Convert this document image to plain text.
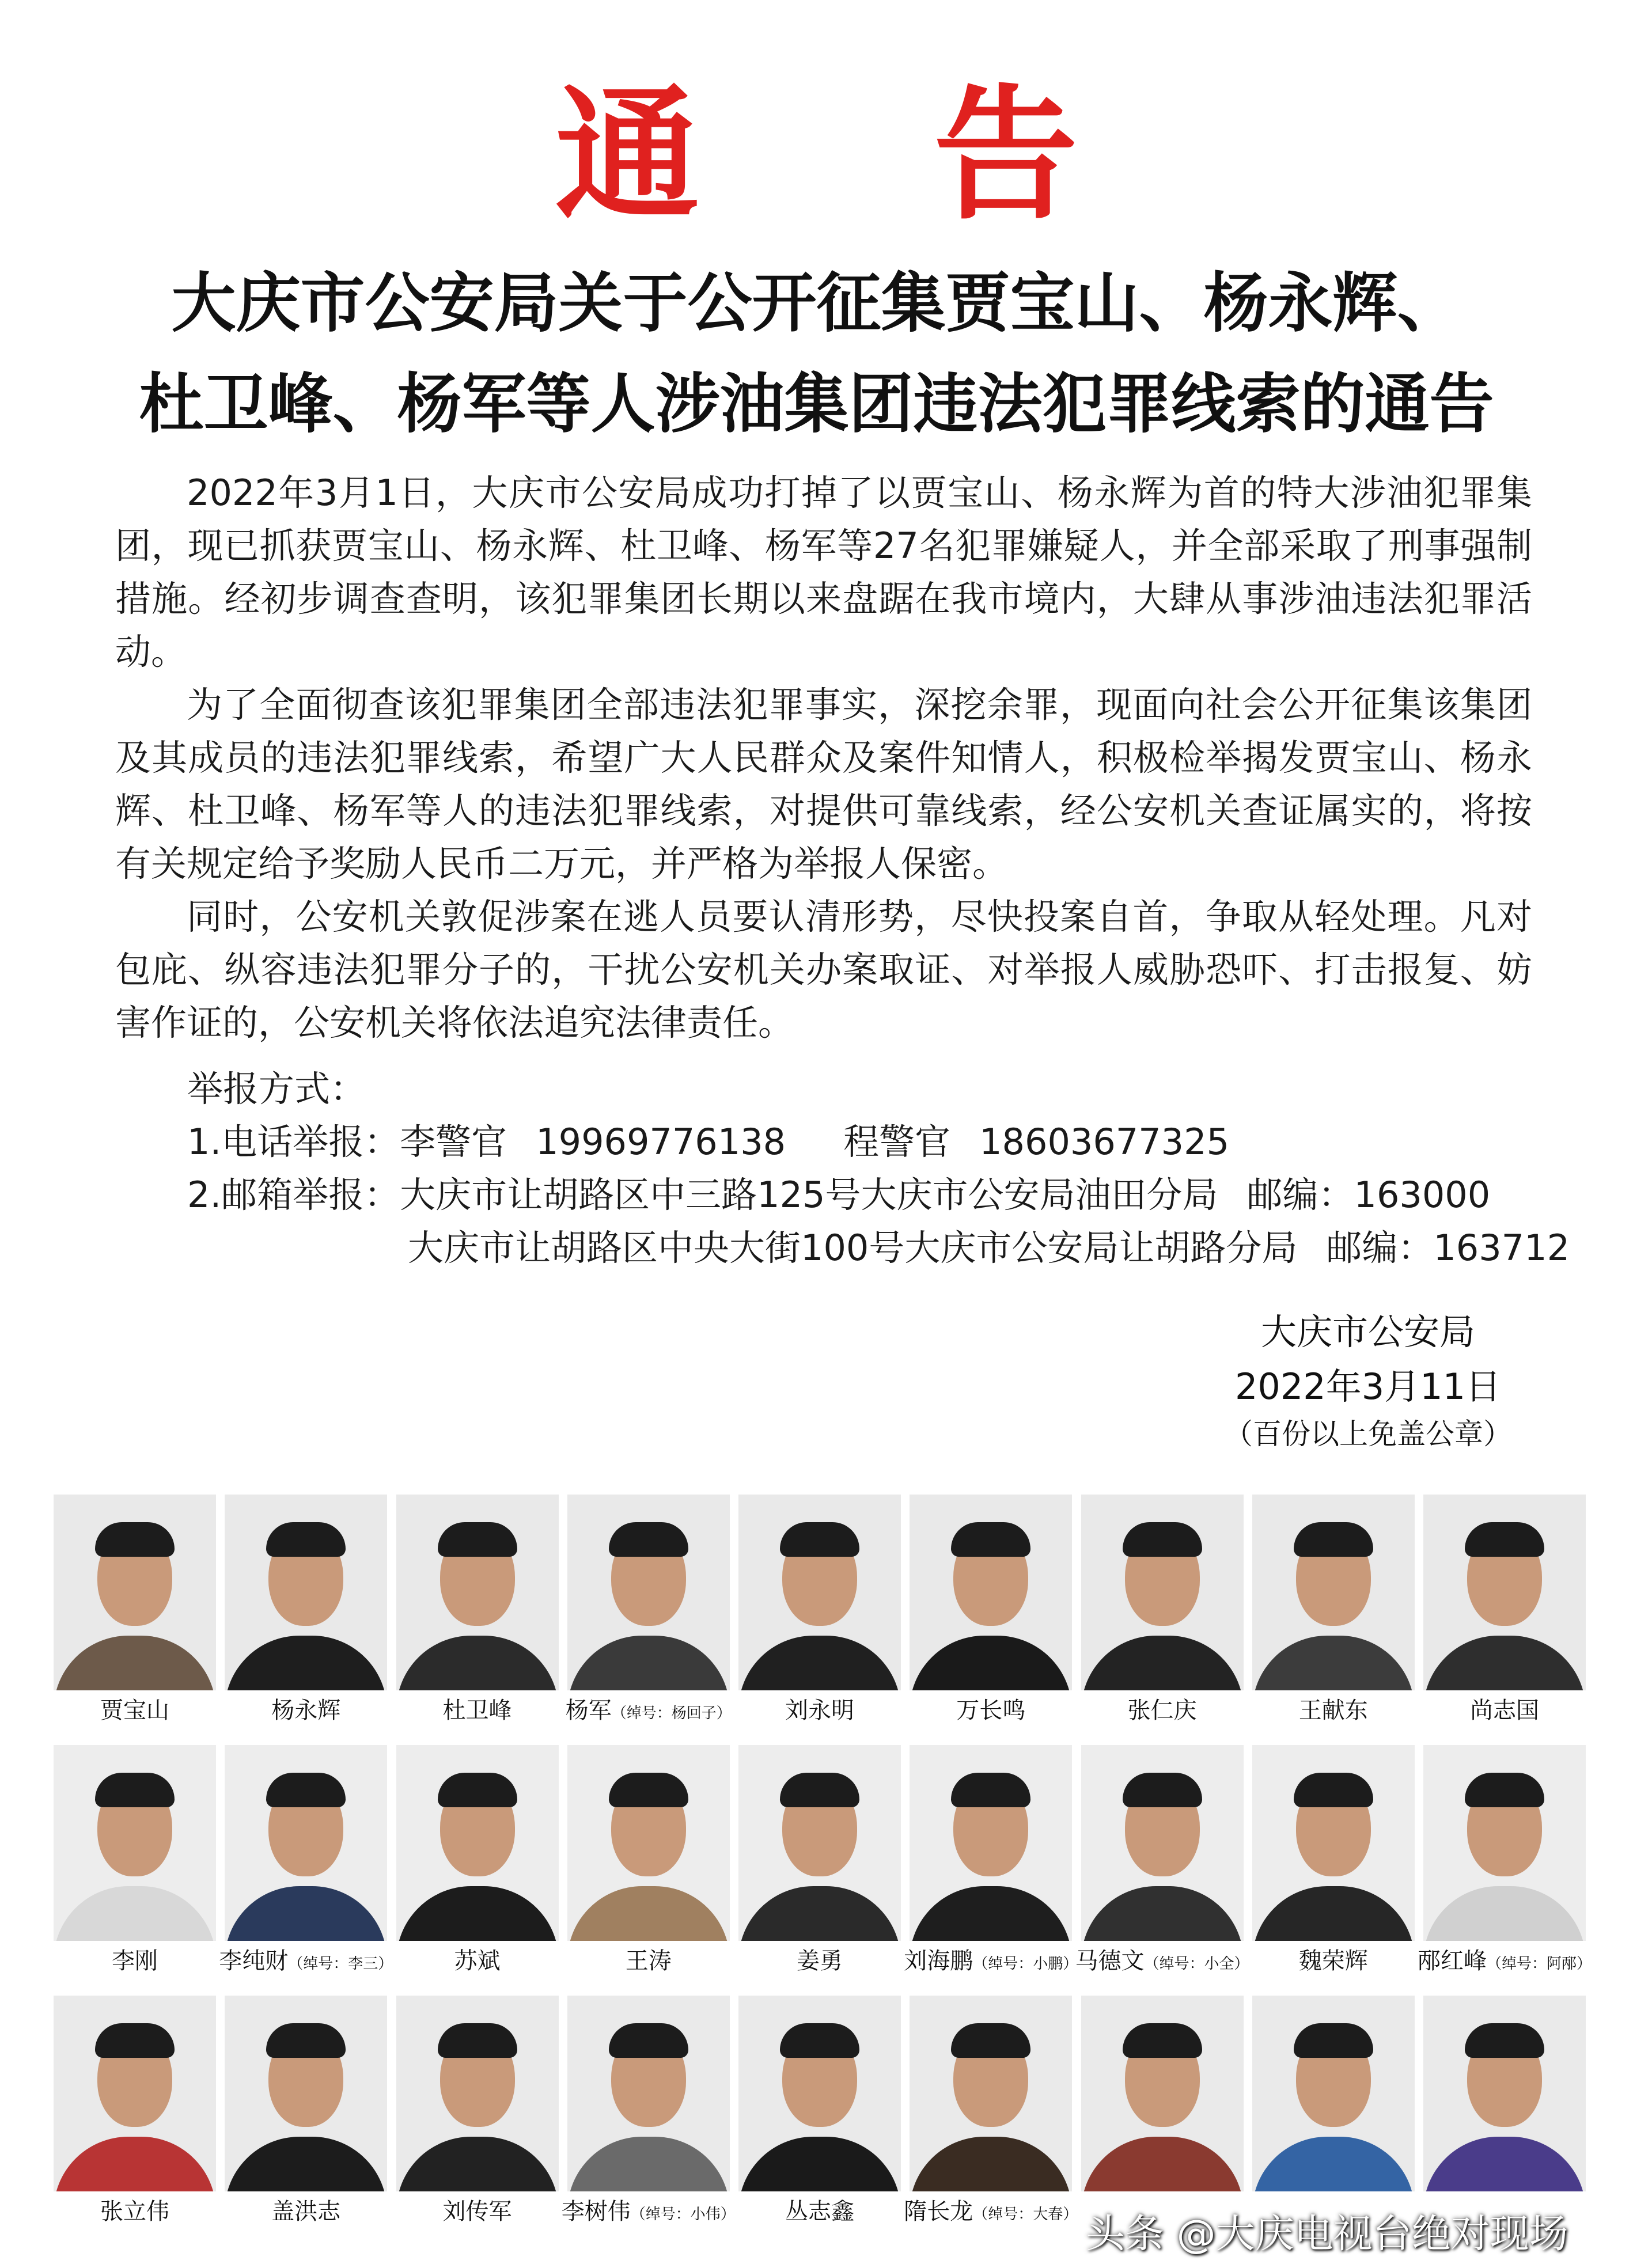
通 告
大庆市公安局关于公开征集贾宝山、杨永辉、
杜卫峰、杨军等人涉油集团违法犯罪线索的通告

2022年3月1日，大庆市公安局成功打掉了以贾宝山、杨永辉为首的特大涉油犯罪集团，现已抓获贾宝山、杨永辉、杜卫峰、杨军等27名犯罪嫌疑人，并全部采取了刑事强制措施。经初步调查查明，该犯罪集团长期以来盘踞在我市境内，大肆从事涉油违法犯罪活动。

为了全面彻查该犯罪集团全部违法犯罪事实，深挖余罪，现面向社会公开征集该集团及其成员的违法犯罪线索，希望广大人民群众及案件知情人，积极检举揭发贾宝山、杨永辉、杜卫峰、杨军等人的违法犯罪线索，对提供可靠线索，经公安机关查证属实的，将按有关规定给予奖励人民币二万元，并严格为举报人保密。

同时，公安机关敦促涉案在逃人员要认清形势，尽快投案自首，争取从轻处理。凡对包庇、纵容违法犯罪分子的，干扰公安机关办案取证、对举报人威胁恐吓、打击报复、妨害作证的，公安机关将依法追究法律责任。

举报方式：
1.电话举报：李警官 19969776138 程警官 18603677325
2.邮箱举报：大庆市让胡路区中三路125号大庆市公安局油田分局 邮编：163000
大庆市让胡路区中央大街100号大庆市公安局让胡路分局 邮编：163712
大庆市公安局
2022年3月11日
（百份以上免盖公章）
贾宝山	杨永辉	杜卫峰 杨军（绰号：杨回子） 刘永明	万长鸣	张仁庆	王献东	尚志国
李刚	李纯财（绰号：李三）	苏斌	王涛	姜勇	刘海鹏（绰号：小鹏）
马德文（绰号：小全） 魏荣辉 邴红峰（绰号：阿邴）
张立伟	盖洪志	刘传军 李树伟（绰号：小伟） 丛志鑫 隋长龙（绰号：大春） 头条 @大庆电视台绝对现场
